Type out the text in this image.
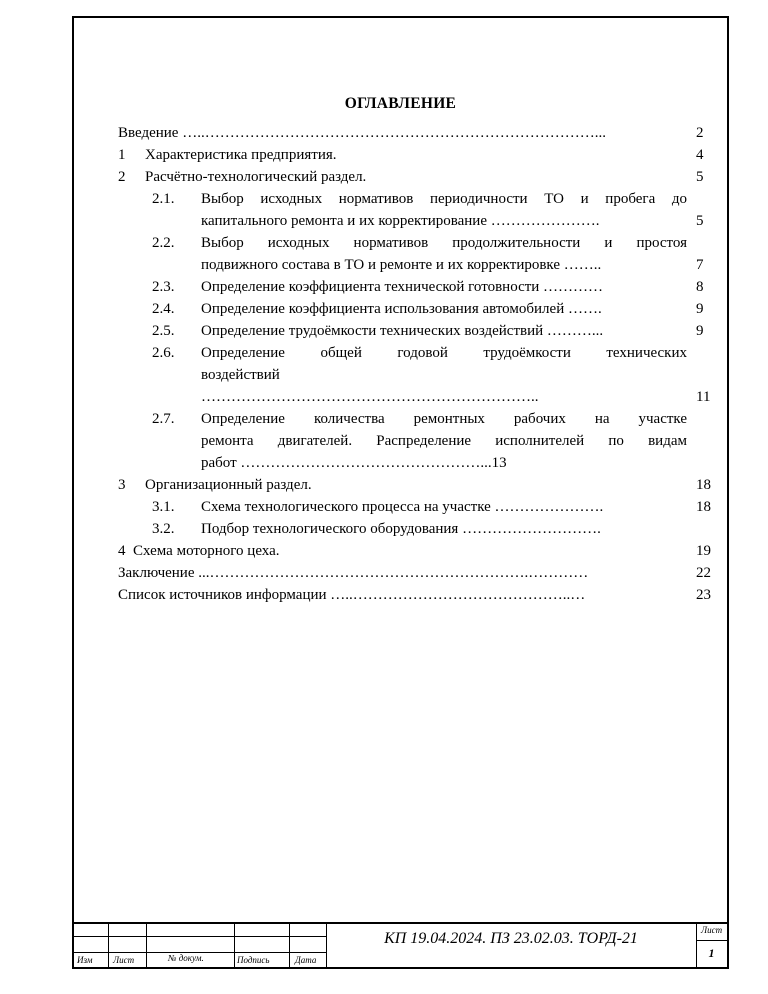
ОГЛАВЛЕНИЕ
Введение …..……………………………………………………………………...	2
1 Характеристика предприятия.	4
2 Расчётно-технологический раздел.	5
2.1. Выбор исходных нормативов периодичности ТО и пробега до
капитального ремонта и их корректирование ………………….	5
2.2. Выбор исходных нормативов продолжительности и простоя
подвижного состава в ТО и ремонте и их корректировке ……..	7
2.3. Определение коэффициента технической готовности …………	8
2.4. Определение коэффициента использования автомобилей …….	9
2.5. Определение трудоёмкости технических воздействий ………...	9
2.6. Определение общей годовой трудоёмкости технических
воздействий
…………………………………………………………..	11
2.7. Определение количества ремонтных рабочих на участке
ремонта двигателей. Распределение исполнителей по видам
работ …………………………………………...13
3 Организационный раздел.	18
3.1. Схема технологического процесса на участке ………………….	18
3.2. Подбор технологического оборудования ……………………….
4 Схема моторного цеха.	19
Заключение ...……………………………………………………….…………	22
Список источников информации …..……………………………………..…	23
Изм Лист	№ докум.	Подпись	Дата
КП 19.04.2024. ПЗ 23.02.03. ТОРД-21	Лист
1
